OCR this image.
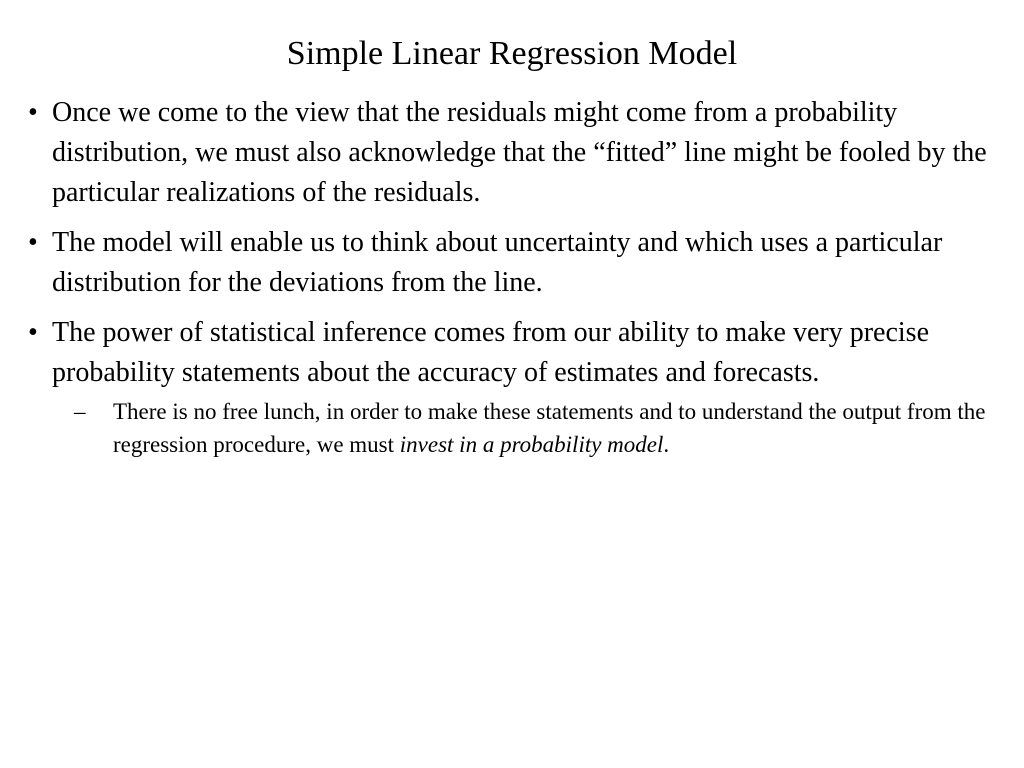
Simple Linear Regression Model
• Once we come to the view that the residuals might come from a probability distribution, we must also acknowledge that the “fitted” line might be fooled by the particular realizations of the residuals.
• The model will enable us to think about uncertainty and which uses a particular distribution for the deviations from the line.
• The power of statistical inference comes from our ability to make very precise probability statements about the accuracy of estimates and forecasts.
– There is no free lunch, in order to make these statements and to understand the output from the regression procedure, we must invest in a probability model.
